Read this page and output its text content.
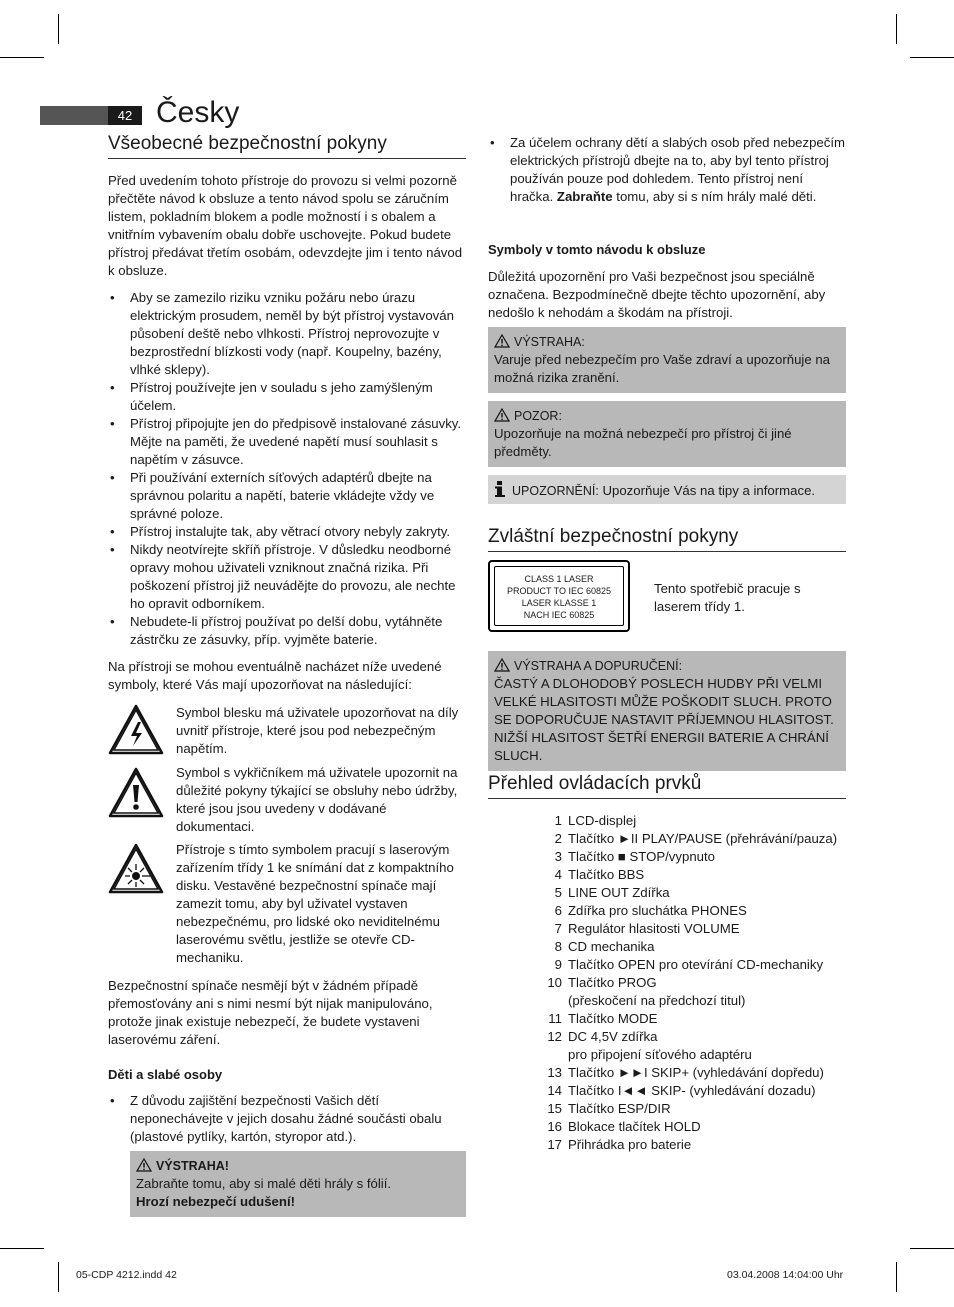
42 Česky
Všeobecné bezpečnostní pokyny

Před uvedením tohoto přístroje do provozu si velmi pozorně přečtěte návod k obsluze a tento návod spolu se záručním listem, pokladním blokem a podle možností i s obalem a vnitřním vybavením obalu dobře uschovejte. Pokud budete přístroj předávat třetím osobám, odevzdejte jim i tento návod k obsluze.

• Aby se zamezilo riziku vzniku požáru nebo úrazu elektrickým prosudem, neměl by být přístroj vystavován působení deště nebo vlhkosti. Přístroj neprovozujte v bezprostřední blízkosti vody (např. Koupelny, bazény, vlhké sklepy).
• Přístroj používejte jen v souladu s jeho zamýšleným účelem.
• Přístroj připojujte jen do předpisově instalované zásuvky. Mějte na paměti, že uvedené napětí musí souhlasit s napětím v zásuvce.
• Při používání externích síťových adaptérů dbejte na správnou polaritu a napětí, baterie vkládejte vždy ve správné poloze.
• Přístroj instalujte tak, aby větrací otvory nebyly zakryty.
• Nikdy neotvírejte skříň přístroje. V důsledku neodborné opravy mohou uživateli vzniknout značná rizika. Při poškození přístroj již neuvádějte do provozu, ale nechte ho opravit odborníkem.
• Nebudete-li přístroj používat po delší dobu, vytáhněte zástrčku ze zásuvky, příp. vyjměte baterie.

Na přístroji se mohou eventuálně nacházet níže uvedené symboly, které Vás mají upozorňovat na následující:

Symbol blesku má uživatele upozorňovat na díly uvnitř přístroje, které jsou pod nebezpečným napětím.

Symbol s vykřičníkem má uživatele upozornit na důležité pokyny týkající se obsluhy nebo údržby, které jsou jsou uvedeny v dodávané dokumentaci.

Přístroje s tímto symbolem pracují s laserovým zařízením třídy 1 ke snímání dat z kompaktního disku. Vestavěné bezpečnostní spínače mají zamezit tomu, aby byl uživatel vystaven nebezpečnému, pro lidské oko neviditelnému laserovému světlu, jestliže se otevře CD-mechaniku.

Bezpečnostní spínače nesmějí být v žádném případě přemosťovány ani s nimi nesmí být nijak manipulováno, protože jinak existuje nebezpečí, že budete vystaveni laserovému záření.

Děti a slabé osoby
• Z důvodu zajištění bezpečnosti Vašich dětí neponechávejte v jejich dosahu žádné součásti obalu (plastové pytlíky, kartón, styropor atd.).
VÝSTRAHA!
Zabraňte tomu, aby si malé děti hrály s fólií.
Hrozí nebezpečí udušení!
• Za účelem ochrany dětí a slabých osob před nebezpečím elektrických přístrojů dbejte na to, aby byl tento přístroj používán pouze pod dohledem. Tento přístroj není hračka. Zabraňte tomu, aby si s ním hrály malé děti.
Symboly v tomto návodu k obsluze

Důležitá upozornění pro Vaši bezpečnost jsou speciálně označena. Bezpodmínečně dbejte těchto upozornění, aby nedošlo k nehodám a škodám na přístroji.

VÝSTRAHA:
Varuje před nebezpečím pro Vaše zdraví a upozorňuje na možná rizika zranění.
POZOR:
Upozorňuje na možná nebezpečí pro přístroj či jiné předměty.
UPOZORNĚNÍ: Upozorňuje Vás na tipy a informace.
Zvláštní bezpečnostní pokyny
CLASS 1 LASER
PRODUCT TO IEC 60825
LASER KLASSE 1
NACH IEC 60825

Tento spotřebič pracuje s laserem třídy 1.

VÝSTRAHA A DOPURUČENÍ:
ČASTÝ A DLOHODOBÝ POSLECH HUDBY PŘI VELMI VELKÉ HLASITOSTI MŮŽE POŠKODIT SLUCH. PROTO SE DOPORUČUJE NASTAVIT PŘÍJEMNOU HLASITOST. NIŽŠÍ HLASITOST ŠETŘÍ ENERGII BATERIE A CHRÁNÍ SLUCH.
Přehled ovládacích prvků
1 LCD-displej
2 Tlačítko ►II PLAY/PAUSE (přehrávání/pauza)
3 Tlačítko ■ STOP/vypnuto
4 Tlačítko BBS
5 LINE OUT Zdířka
6 Zdířka pro sluchátka PHONES
7 Regulátor hlasitosti VOLUME
8 CD mechanika
9 Tlačítko OPEN pro otevírání CD-mechaniky
10 Tlačítko PROG
(přeskočení na předchozí titul)
11 Tlačítko MODE
12 DC 4,5V zdířka
pro připojení síťového adaptéru
13 Tlačítko ►►I SKIP+ (vyhledávání dopředu)
14 Tlačítko I◄◄ SKIP- (vyhledávání dozadu)
15 Tlačítko ESP/DIR
16 Blokace tlačítek HOLD
17 Přihrádka pro baterie
05-CDP 4212.indd 42	03.04.2008 14:04:00 Uhr
